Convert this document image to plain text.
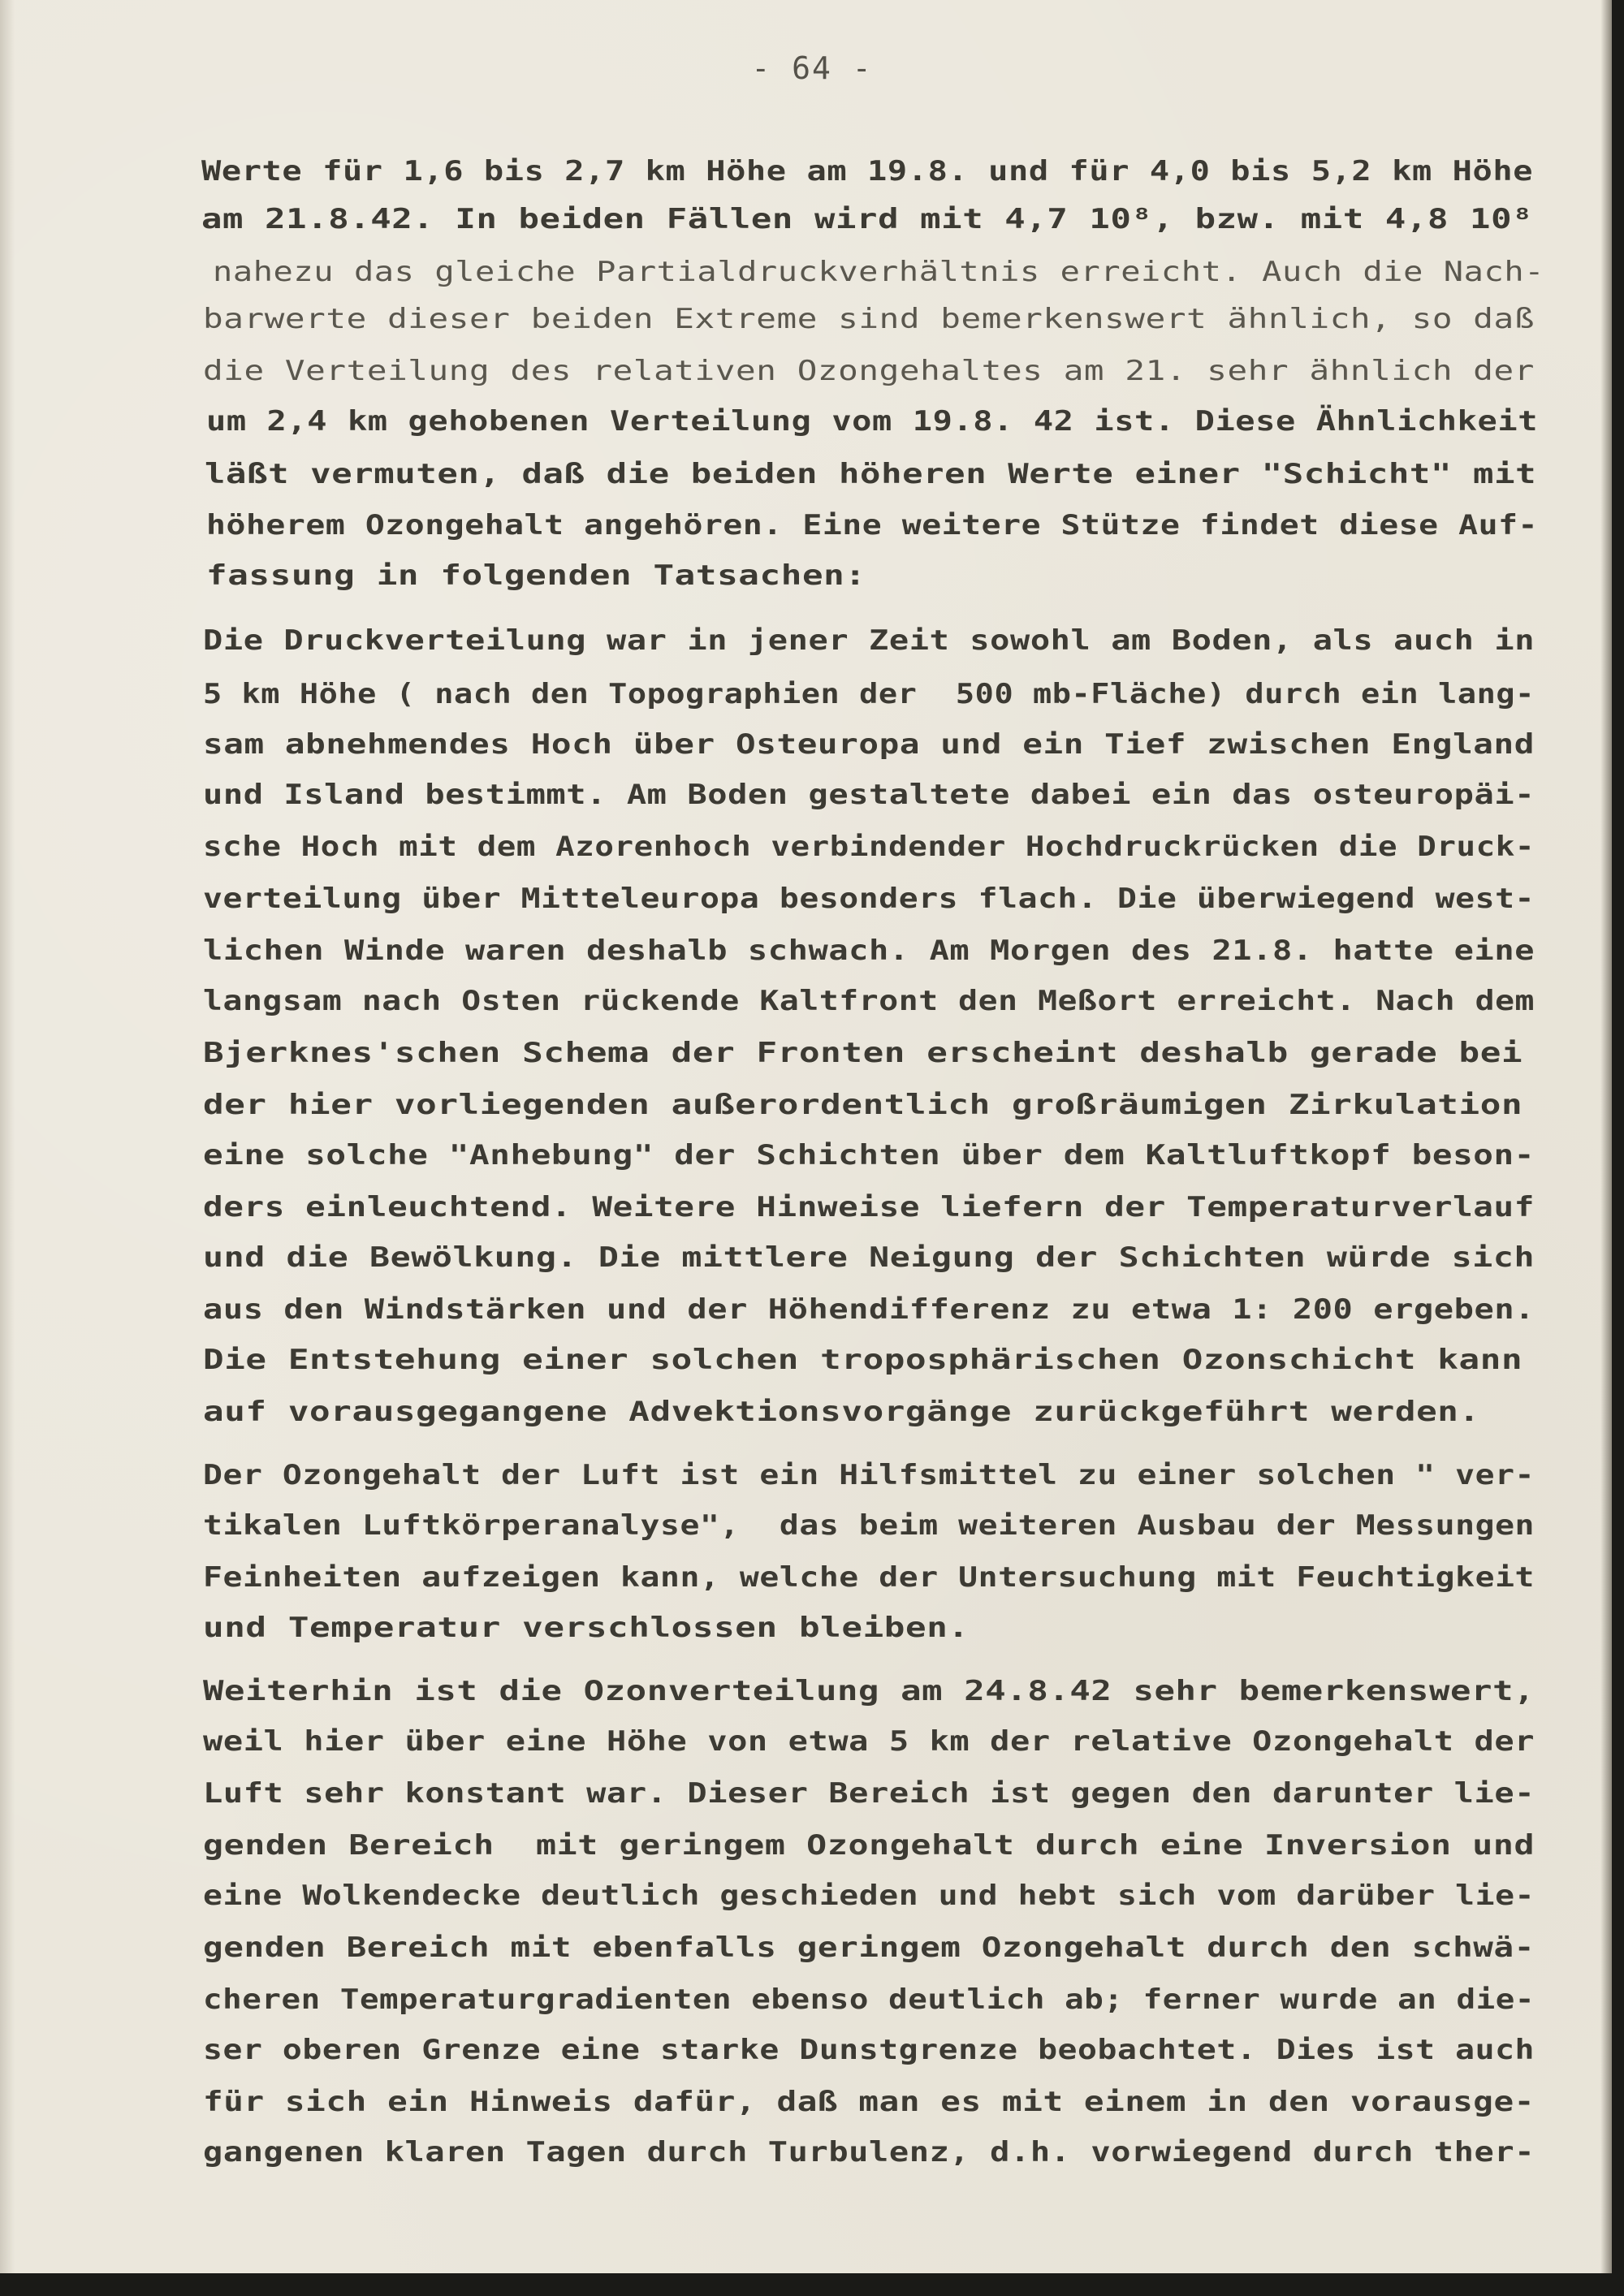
- 64 -
Werte für 1,6 bis 2,7 km Höhe am 19.8. und für 4,0 bis 5,2 km Höhe
am 21.8.42. In beiden Fällen wird mit 4,7 10⁸, bzw. mit 4,8 10⁸
nahezu das gleiche Partialdruckverhältnis erreicht. Auch die Nach-
barwerte dieser beiden Extreme sind bemerkenswert ähnlich, so daß
die Verteilung des relativen Ozongehaltes am 21. sehr ähnlich der
um 2,4 km gehobenen Verteilung vom 19.8. 42 ist. Diese Ähnlichkeit
läßt vermuten, daß die beiden höheren Werte einer "Schicht" mit
höherem Ozongehalt angehören. Eine weitere Stütze findet diese Auf-
fassung in folgenden Tatsachen:
Die Druckverteilung war in jener Zeit sowohl am Boden, als auch in
5 km Höhe ( nach den Topographien der  500 mb-Fläche) durch ein lang-
sam abnehmendes Hoch über Osteuropa und ein Tief zwischen England
und Island bestimmt. Am Boden gestaltete dabei ein das osteuropäi-
sche Hoch mit dem Azorenhoch verbindender Hochdruckrücken die Druck-
verteilung über Mitteleuropa besonders flach. Die überwiegend west-
lichen Winde waren deshalb schwach. Am Morgen des 21.8. hatte eine
langsam nach Osten rückende Kaltfront den Meßort erreicht. Nach dem
Bjerknes'schen Schema der Fronten erscheint deshalb gerade bei
der hier vorliegenden außerordentlich großräumigen Zirkulation
eine solche "Anhebung" der Schichten über dem Kaltluftkopf beson-
ders einleuchtend. Weitere Hinweise liefern der Temperaturverlauf
und die Bewölkung. Die mittlere Neigung der Schichten würde sich
aus den Windstärken und der Höhendifferenz zu etwa 1: 200 ergeben.
Die Entstehung einer solchen troposphärischen Ozonschicht kann
auf vorausgegangene Advektionsvorgänge zurückgeführt werden.
Der Ozongehalt der Luft ist ein Hilfsmittel zu einer solchen " ver-
tikalen Luftkörperanalyse",  das beim weiteren Ausbau der Messungen
Feinheiten aufzeigen kann, welche der Untersuchung mit Feuchtigkeit
und Temperatur verschlossen bleiben.
Weiterhin ist die Ozonverteilung am 24.8.42 sehr bemerkenswert,
weil hier über eine Höhe von etwa 5 km der relative Ozongehalt der
Luft sehr konstant war. Dieser Bereich ist gegen den darunter lie-
genden Bereich  mit geringem Ozongehalt durch eine Inversion und
eine Wolkendecke deutlich geschieden und hebt sich vom darüber lie-
genden Bereich mit ebenfalls geringem Ozongehalt durch den schwä-
cheren Temperaturgradienten ebenso deutlich ab; ferner wurde an die-
ser oberen Grenze eine starke Dunstgrenze beobachtet. Dies ist auch
für sich ein Hinweis dafür, daß man es mit einem in den vorausge-
gangenen klaren Tagen durch Turbulenz, d.h. vorwiegend durch ther-
